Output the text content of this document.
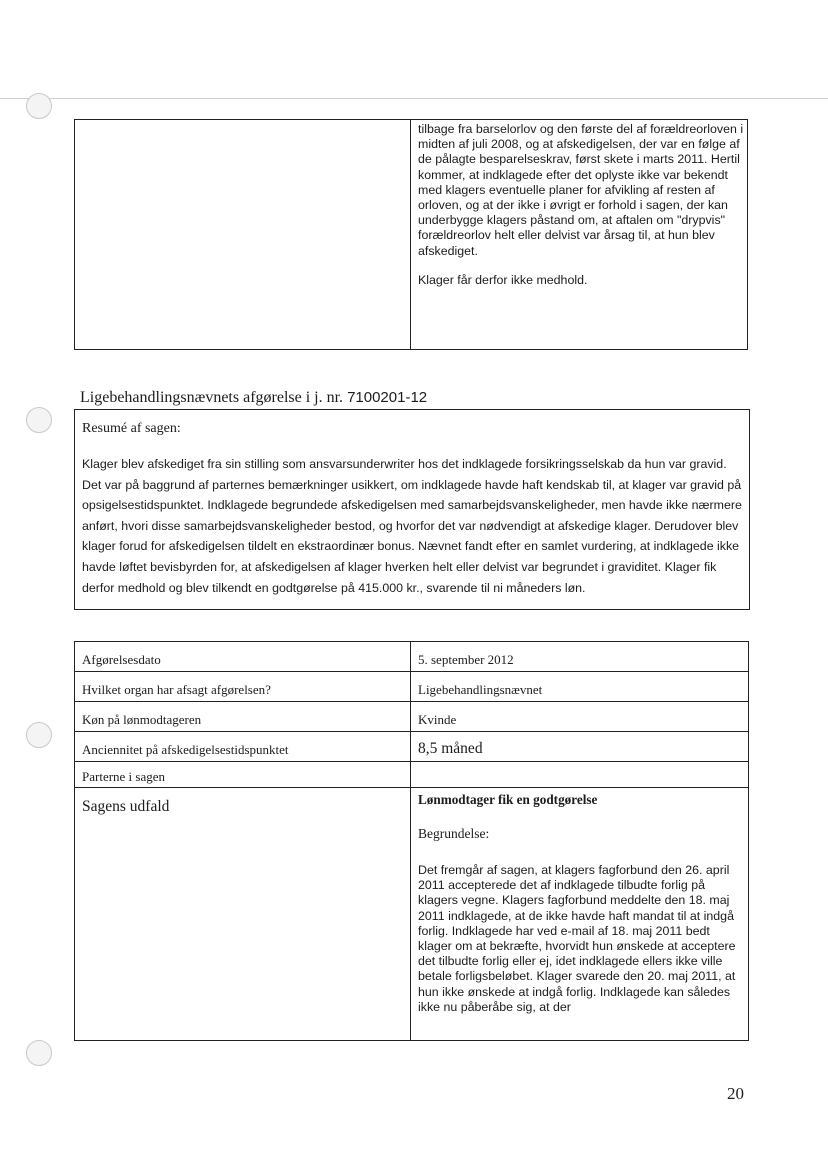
tilbage fra barselorlov og den første del af forældreorloven i midten af juli 2008, og at afskedigelsen, der var en følge af de pålagte besparelseskrav, først skete i marts 2011. Hertil kommer, at indklagede efter det oplyste ikke var bekendt med klagers eventuelle planer for afvikling af resten af orloven, og at der ikke i øvrigt er forhold i sagen, der kan underbygge klagers påstand om, at aftalen om "drypvis" forældreorlov helt eller delvist var årsag til, at hun blev afskediget.

Klager får derfor ikke medhold.

Ligebehandlingsnævnets afgørelse i j. nr. 7100201-12
Resumé af sagen:

Klager blev afskediget fra sin stilling som ansvarsunderwriter hos det indklagede forsikringsselskab da hun var gravid. Det var på baggrund af parternes bemærkninger usikkert, om indklagede havde haft kendskab til, at klager var gravid på opsigelsestidspunktet. Indklagede begrundede afskedigelsen med samarbejdsvanskeligheder, men havde ikke nærmere anført, hvori disse samarbejdsvanskeligheder bestod, og hvorfor det var nødvendigt at afskedige klager. Derudover blev klager forud for afskedigelsen tildelt en ekstraordinær bonus. Nævnet fandt efter en samlet vurdering, at indklagede ikke havde løftet bevisbyrden for, at afskedigelsen af klager hverken helt eller delvist var begrundet i graviditet. Klager fik derfor medhold og blev tilkendt en godtgørelse på 415.000 kr., svarende til ni måneders løn.

Afgørelsesdato	5. september 2012
Hvilket organ har afsagt afgørelsen?	Ligebehandlingsnævnet
Køn på lønmodtageren	Kvinde
Anciennitet på afskedigelsestidspunktet	8,5 måned
Parterne i sagen
Sagens udfald	Lønmodtager fik en godtgørelse
Begrundelse:

Det fremgår af sagen, at klagers fagforbund den 26. april 2011 accepterede det af indklagede tilbudte forlig på klagers vegne. Klagers fagforbund meddelte den 18. maj 2011 indklagede, at de ikke havde haft mandat til at indgå forlig. Indklagede har ved e-mail af 18. maj 2011 bedt klager om at bekræfte, hvorvidt hun ønskede at acceptere det tilbudte forlig eller ej, idet indklagede ellers ikke ville betale forligsbeløbet. Klager svarede den 20. maj 2011, at hun ikke ønskede at indgå forlig. Indklagede kan således ikke nu påberåbe sig, at der

20
